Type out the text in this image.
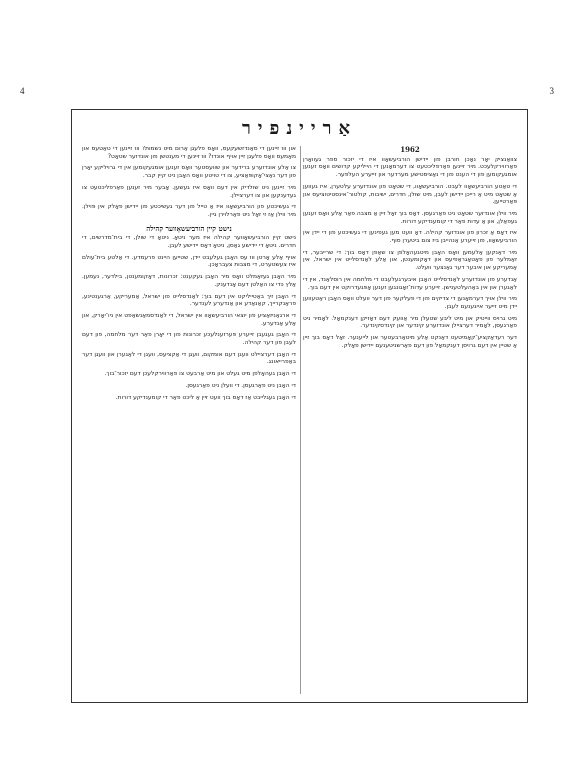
4	3
אַריינפיר
1962

צוואַנציק יאָר נאָכן חורבן פון יידישן הורביעשאָוו איז די יזכור ספר געוואָרן פאַרווירקלעכט. מיר זיינען פאַרפליכטעט צו דערמאָנען די הייליקע קדושים וואָס זענען אומגעקומען פון די הענט פון די נאַציסטישע מערדער און זייערע העלפער.

די טאַטע הורביעשאָוו לעבט. הורביעשאָוו, די שטאָט פון אונדזערע עלטערן, איז געווען אַ שטאָט מיט אַ רייכן יידישן לעבן, מיט שולן, חדרים, ישיבות, קולטור־אינסטיטוציעס און פּאַרטייען.

מיר ווילן אונדזער שטאָט ניט פאַרגעסן. דאָס בוך זאָל זיין אַ מצבה פאַר אַלע וואָס זענען געפאַלן, און אַ עדות פאַר די קומענדיקע דורות.

איז דאָס אַ זכרון פון אונדזער קהילה. דאָ וועט מען געפינען די געשיכטע פון די יידן אין הורביעשאָוו, פון זייערע אַנהייבן ביז צום ביטערן סוף.

מיר דאַנקען אַלעמען וואָס האָבן מיטגעהאָלפן צו שאַפן דאָס בוך: די שרייבער, די זאַמלער פון פאָטאָגראַפיעס און דאָקומענטן, און אַלע לאַנדסלייט אין ישראל, אין אַמעריקע און איבער דער גאַנצער וועלט.

אַנדערע פון אונדזערע לאַנדסלייט האָבן איבערגעלעבט די מלחמה אין רוסלאַנד, אין די לאַגערן און אין באַהעלטענישן. זייערע עדות־זאָגונגען זענען אָפּגעדרוקט אין דעם בוך.

מיר ווילן אויך דערמאָנען די צדיקים פון די פעלקער פון דער וועלט וואָס האָבן ראַטעווען יידן מיט זייער אייגענעם לעבן.

מיט גרויס ווייטיק און מיט ליבע שטעלן מיר אַוועק דעם דאָזיקן דענקמאָל. לאָמיר ניט פאַרגעסן, לאָמיר דערציילן אונדזערע קינדער און קינדסקינדער.

דער רעדאַקציע־קאָמיטעט דאַנקט אַלע מיטאַרבעטער און לייענער. זאָל דאָס בוך זיין אַ שטיין אין דעם גרויסן דענקמאָל פון דעם פאַרשניטענעם יידישן פאָלק.

און וווּ זיינען די סאַנדזשעקעס, וואָס פלעגן אַרום מיט נשמות? וווּ זיינען די טאַטעס און מאַמעס וואָס פלעגן זיין אויף אונדז? וווּ זיינען די מענטשן פון אונדזער שטאָט?

צו אַלע אונדזערע ברידער און שוועסטער וואָס זענען אומגעקומען אין די גרויליקע יאָרן פון דער נאַצי־אָקופּאַציע, צו די טויטע וואָס האָבן ניט קיין קבר.

מיר זיינען ניט שולדיק אין דעם וואָס איז געשען. אָבער מיר זענען פאַרפליכטעט צו געדענקען און צו דערציילן.

די געשיכטע פון הורביעשאָוו איז אַ טייל פון דער געשיכטע פון יידישן פאָלק אין פּוילן. מיר ווילן אַז זי זאָל ניט פאַרלוירן גיין.

נישט קיין הורביעשאָווער קהילה

נישט קיין הורביעשאָווער קהילה איז מער ניטאָ. ניטאָ די שולן, די בית־מדרשים, די חדרים. ניטאָ די יידישע גאַסן, ניטאָ דאָס יידישע לעבן.

אויף אַלע אָרטן וווּ עס האָבן געלעבט יידן, שטייען היינט פרעמדע. די אַלטע בית־עולם איז צעשטערט, די מצבות צעבראָכן.

מיר האָבן געזאַמלט וואָס מיר האָבן געקענט: זכרונות, דאָקומענטן, בילדער, נעמען. אַלץ כּדי צו האַלטן דעם אָנדענק.

די האָבן זיך באַטייליקט אין דעם בוך: לאַנדסלייט פון ישראל, אַמעריקע, אַרגענטינע, פראַנקרייך, קאַנאַדע און אַנדערע לענדער.

די ארגאַניזאַציע פון יוצאי הורביעשאָוו אין ישראל, די לאַנדסמאַנשאַפט אין ניו־יאָרק, און אַלע אַנדערע.

די האָבן געגעבן זייערע פּערזענלעכע זכרונות פון די יאָרן פאַר דער מלחמה, פון דעם לעבן פון דער קהילה.

די האָבן דערציילט וועגן דעם אומקום, וועגן די אַקציעס, וועגן די לאַגערן און וועגן דער באַפרייאונג.

די האָבן געהאָלפן מיט געלט און מיט אַרבעט צו פאַרווירקלעכן דעם יזכור־בוך.

די האָבן ניט פאַרגעסן. די וועלן ניט פאַרגעסן.

די האָבן געגלייבט אַז דאָס בוך וועט זיין אַ ליכט פאַר די קומענדיקע דורות.
